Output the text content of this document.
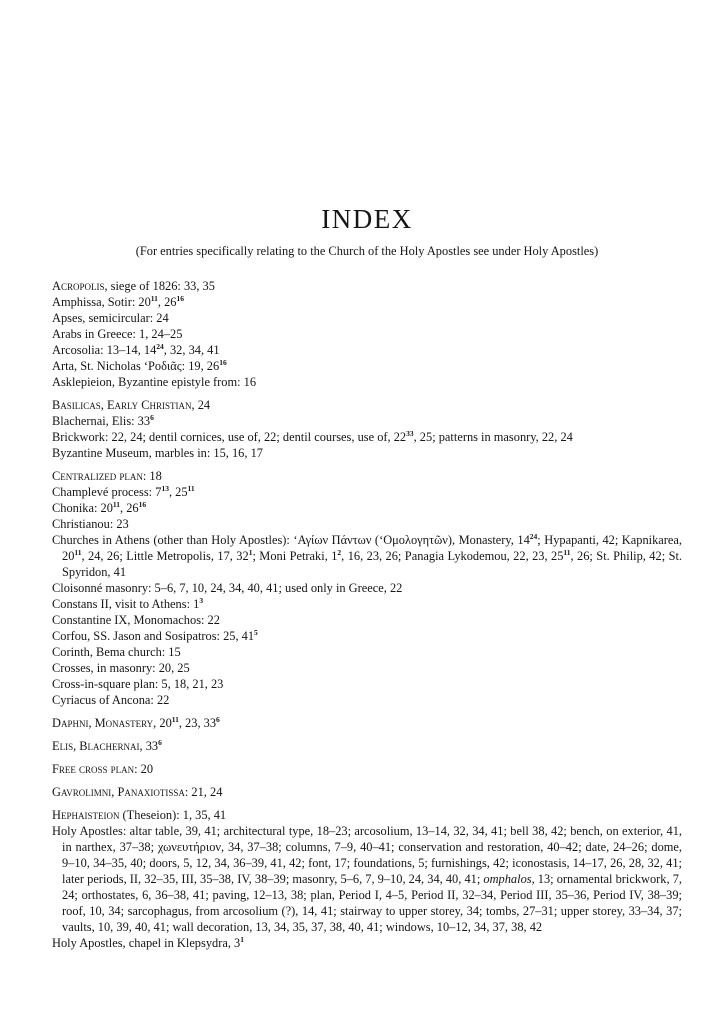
INDEX
(For entries specifically relating to the Church of the Holy Apostles see under Holy Apostles)
Acropolis, siege of 1826: 33, 35
Amphissa, Sotir: $20^{11}$, $26^{16}$
Apses, semicircular: 24
Arabs in Greece: 1, 24–25
Arcosolia: 13–14, $14^{24}$, 32, 34, 41
Arta, St. Nicholas ‘Ροδιᾶς: 19, $26^{16}$
Asklepieion, Byzantine epistyle from: 16
Basilicas, Early Christian, 24
Blachernai, Elis: $33^6$
Brickwork: 22, 24; dentil cornices, use of, 22; dentil courses, use of, $22^{33}$, 25; patterns in masonry, 22, 24
Byzantine Museum, marbles in: 15, 16, 17
Centralized plan: 18
Champlevé process: $7^{13}$, $25^{11}$
Chonika: $20^{11}$, $26^{16}$
Christianou: 23
Churches in Athens (other than Holy Apostles): ‘Αγίων Πάντων (‘Ομολογητῶν), Monastery, $14^{24}$; Hypapanti, 42; Kapnikarea, $20^{11}$, 24, 26; Little Metropolis, 17, $32^1$; Moni Petraki, $1^2$, 16, 23, 26; Panagia Lykodemou, 22, 23, $25^{11}$, 26; St. Philip, 42; St. Spyridon, 41
Cloisonné masonry: 5–6, 7, 10, 24, 34, 40, 41; used only in Greece, 22
Constans II, visit to Athens: $1^3$
Constantine IX, Monomachos: 22
Corfou, SS. Jason and Sosipatros: 25, $41^5$
Corinth, Bema church: 15
Crosses, in masonry: 20, 25
Cross-in-square plan: 5, 18, 21, 23
Cyriacus of Ancona: 22
Daphni, Monastery, $20^{11}$, 23, $33^6$
Elis, Blachernai, $33^6$
Free cross plan: 20
Gavrolimni, Panaxiotissa: 21, 24
Hephaisteion (Theseion): 1, 35, 41
Holy Apostles: altar table, 39, 41; architectural type, 18–23; arcosolium, 13–14, 32, 34, 41; bell 38, 42; bench, on exterior, 41, in narthex, 37–38; χωνευτήριον, 34, 37–38; columns, 7–9, 40–41; conservation and restoration, 40–42; date, 24–26; dome, 9–10, 34–35, 40; doors, 5, 12, 34, 36–39, 41, 42; font, 17; foundations, 5; furnishings, 42; iconostasis, 14–17, 26, 28, 32, 41; later periods, II, 32–35, III, 35–38, IV, 38–39; masonry, 5–6, 7, 9–10, 24, 34, 40, 41; omphalos, 13; ornamental brickwork, 7, 24; orthostates, 6, 36–38, 41; paving, 12–13, 38; plan, Period I, 4–5, Period II, 32–34, Period III, 35–36, Period IV, 38–39; roof, 10, 34; sarcophagus, from arcosolium (?), 14, 41; stairway to upper storey, 34; tombs, 27–31; upper storey, 33–34, 37; vaults, 10, 39, 40, 41; wall decoration, 13, 34, 35, 37, 38, 40, 41; windows, 10–12, 34, 37, 38, 42
Holy Apostles, chapel in Klepsydra, $3^1$
